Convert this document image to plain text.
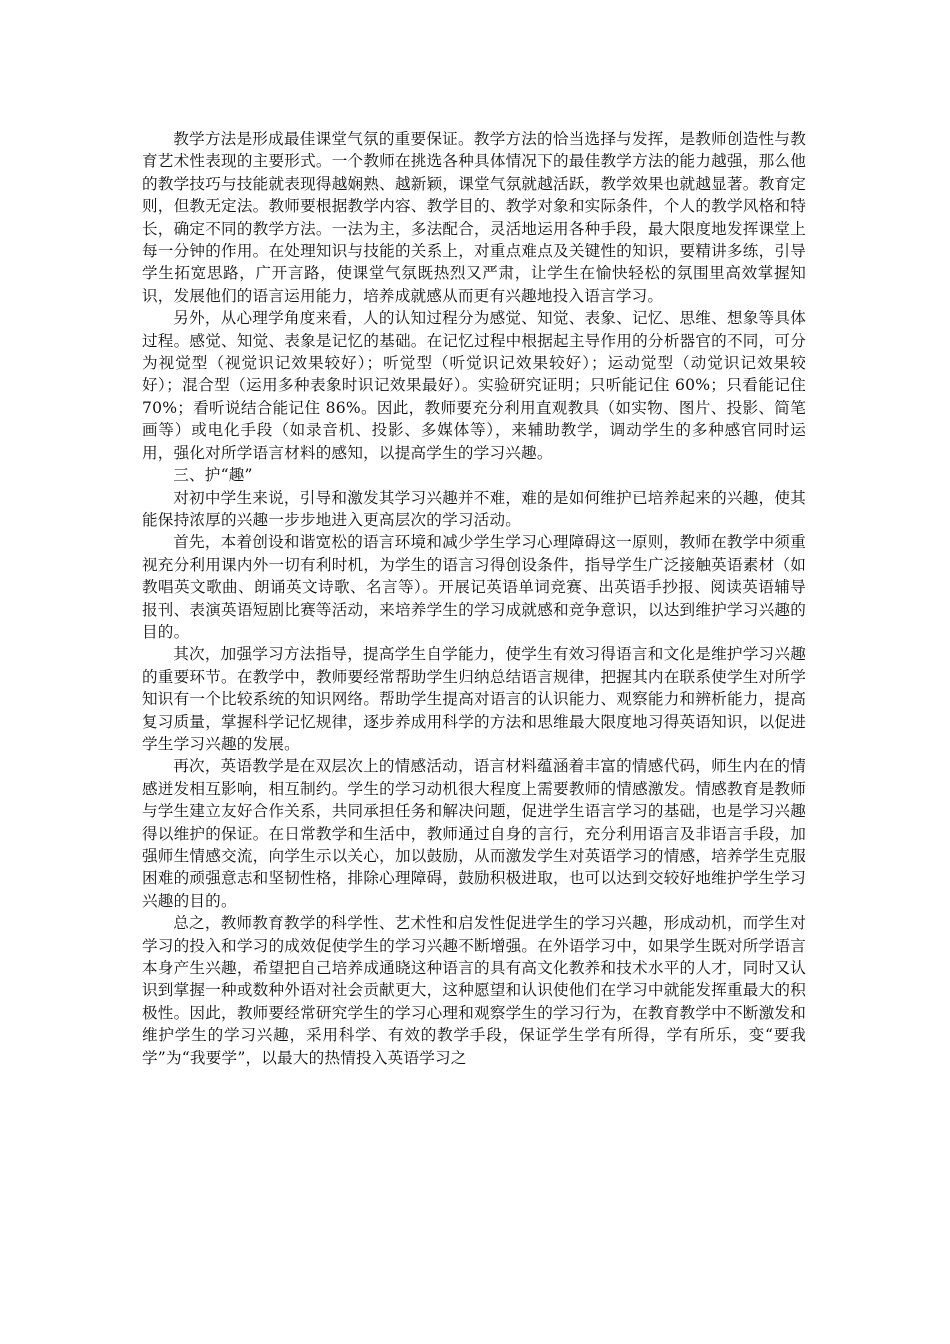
教学方法是形成最佳课堂气氛的重要保证。教学方法的恰当选择与发挥，是教师创造性与教育艺术性表现的主要形式。一个教师在挑选各种具体情况下的最佳教学方法的能力越强，那么他的教学技巧与技能就表现得越娴熟、越新颖，课堂气氛就越活跃，教学效果也就越显著。教育定则，但教无定法。教师要根据教学内容、教学目的、教学对象和实际条件，个人的教学风格和特长，确定不同的教学方法。一法为主，多法配合，灵活地运用各种手段，最大限度地发挥课堂上每一分钟的作用。在处理知识与技能的关系上，对重点难点及关键性的知识，要精讲多练，引导学生拓宽思路，广开言路，使课堂气氛既热烈又严肃，让学生在愉快轻松的氛围里高效掌握知识，发展他们的语言运用能力，培养成就感从而更有兴趣地投入语言学习。

另外，从心理学角度来看，人的认知过程分为感觉、知觉、表象、记忆、思维、想象等具体过程。感觉、知觉、表象是记忆的基础。在记忆过程中根据起主导作用的分析器官的不同，可分为视觉型（视觉识记效果较好）；听觉型（听觉识记效果较好）；运动觉型（动觉识记效果较好）；混合型（运用多种表象时识记效果最好）。实验研究证明；只听能记住 60%；只看能记住 70%；看听说结合能记住 86%。因此，教师要充分利用直观教具（如实物、图片、投影、简笔画等）或电化手段（如录音机、投影、多媒体等），来辅助教学，调动学生的多种感官同时运用，强化对所学语言材料的感知，以提高学生的学习兴趣。

三、护“趣”

对初中学生来说，引导和激发其学习兴趣并不难，难的是如何维护已培养起来的兴趣，使其能保持浓厚的兴趣一步步地进入更高层次的学习活动。

首先，本着创设和谐宽松的语言环境和减少学生学习心理障碍这一原则，教师在教学中须重视充分利用课内外一切有利时机，为学生的语言习得创设条件，指导学生广泛接触英语素材（如教唱英文歌曲、朗诵英文诗歌、名言等）。开展记英语单词竞赛、出英语手抄报、阅读英语辅导报刊、表演英语短剧比赛等活动，来培养学生的学习成就感和竞争意识，以达到维护学习兴趣的目的。

其次，加强学习方法指导，提高学生自学能力，使学生有效习得语言和文化是维护学习兴趣的重要环节。在教学中，教师要经常帮助学生归纳总结语言规律，把握其内在联系使学生对所学知识有一个比较系统的知识网络。帮助学生提高对语言的认识能力、观察能力和辨析能力，提高复习质量，掌握科学记忆规律，逐步养成用科学的方法和思维最大限度地习得英语知识，以促进学生学习兴趣的发展。

再次，英语教学是在双层次上的情感活动，语言材料蕴涵着丰富的情感代码，师生内在的情感迸发相互影响，相互制约。学生的学习动机很大程度上需要教师的情感激发。情感教育是教师与学生建立友好合作关系，共同承担任务和解决问题，促进学生语言学习的基础，也是学习兴趣得以维护的保证。在日常教学和生活中，教师通过自身的言行，充分利用语言及非语言手段，加强师生情感交流，向学生示以关心，加以鼓励，从而激发学生对英语学习的情感，培养学生克服困难的顽强意志和坚韧性格，排除心理障碍，鼓励积极进取，也可以达到交较好地维护学生学习兴趣的目的。

总之，教师教育教学的科学性、艺术性和启发性促进学生的学习兴趣，形成动机，而学生对学习的投入和学习的成效促使学生的学习兴趣不断增强。在外语学习中，如果学生既对所学语言本身产生兴趣，希望把自己培养成通晓这种语言的具有高文化教养和技术水平的人才，同时又认识到掌握一种或数种外语对社会贡献更大，这种愿望和认识使他们在学习中就能发挥重最大的积极性。因此，教师要经常研究学生的学习心理和观察学生的学习行为，在教育教学中不断激发和维护学生的学习兴趣，采用科学、有效的教学手段，保证学生学有所得，学有所乐，变“要我学”为“我要学”，以最大的热情投入英语学习之
